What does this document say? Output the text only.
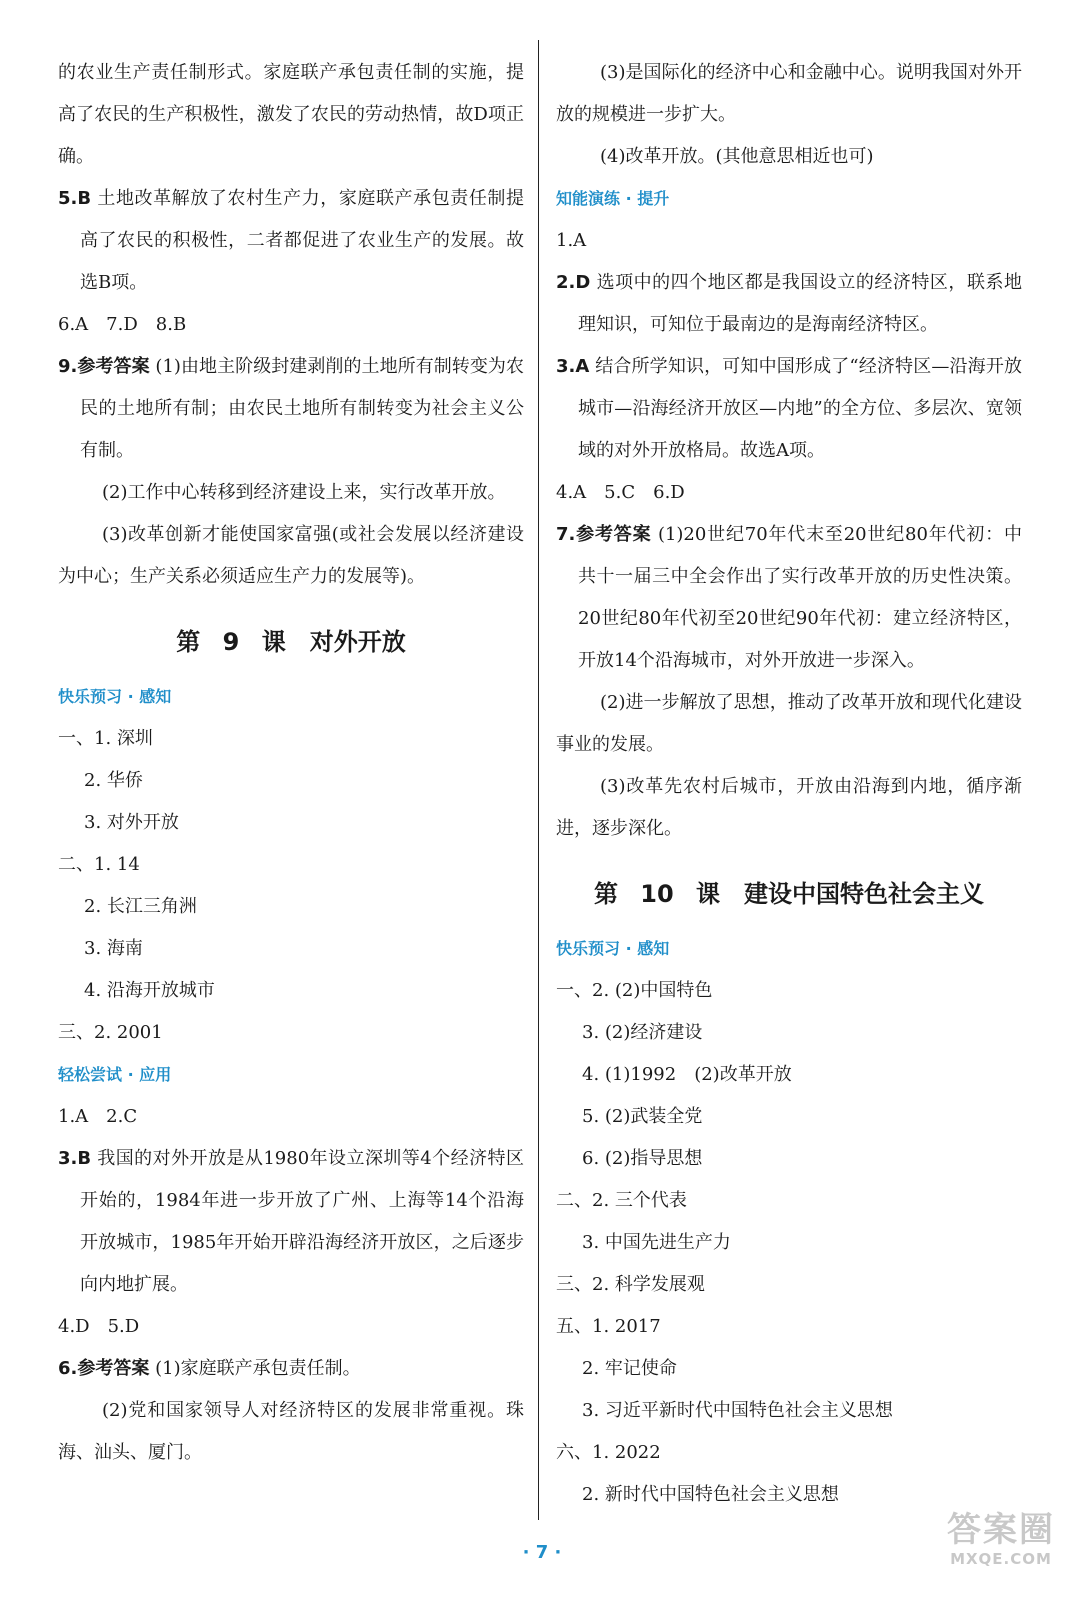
的农业生产责任制形式。家庭联产承包责任制的实施，提高了农民的生产积极性，激发了农民的劳动热情，故D项正确。

5.B 土地改革解放了农村生产力，家庭联产承包责任制提高了农民的积极性，二者都促进了农业生产的发展。故选B项。

6.A　7.D　8.B

9.参考答案 (1)由地主阶级封建剥削的土地所有制转变为农民的土地所有制；由农民土地所有制转变为社会主义公有制。

(2)工作中心转移到经济建设上来，实行改革开放。

(3)改革创新才能使国家富强(或社会发展以经济建设为中心；生产关系必须适应生产力的发展等)。

第 9 课　对外开放

快乐预习 · 感知

一、1. 深圳

2. 华侨

3. 对外开放

二、1. 14

2. 长江三角洲

3. 海南

4. 沿海开放城市

三、2. 2001

轻松尝试 · 应用

1.A　2.C

3.B 我国的对外开放是从1980年设立深圳等4个经济特区开始的，1984年进一步开放了广州、上海等14个沿海开放城市，1985年开始开辟沿海经济开放区，之后逐步向内地扩展。

4.D　5.D

6.参考答案 (1)家庭联产承包责任制。

(2)党和国家领导人对经济特区的发展非常重视。珠海、汕头、厦门。

(3)是国际化的经济中心和金融中心。说明我国对外开放的规模进一步扩大。

(4)改革开放。(其他意思相近也可)

知能演练 · 提升

1.A

2.D 选项中的四个地区都是我国设立的经济特区，联系地理知识，可知位于最南边的是海南经济特区。

3.A 结合所学知识，可知中国形成了“经济特区—沿海开放城市—沿海经济开放区—内地”的全方位、多层次、宽领域的对外开放格局。故选A项。

4.A　5.C　6.D

7.参考答案 (1)20世纪70年代末至20世纪80年代初：中共十一届三中全会作出了实行改革开放的历史性决策。20世纪80年代初至20世纪90年代初：建立经济特区，开放14个沿海城市，对外开放进一步深入。

(2)进一步解放了思想，推动了改革开放和现代化建设事业的发展。

(3)改革先农村后城市，开放由沿海到内地，循序渐进，逐步深化。

第 10 课　建设中国特色社会主义

快乐预习 · 感知

一、2. (2)中国特色

3. (2)经济建设

4. (1)1992　(2)改革开放

5. (2)武装全党

6. (2)指导思想

二、2. 三个代表

3. 中国先进生产力

三、2. 科学发展观

五、1. 2017

2. 牢记使命

3. 习近平新时代中国特色社会主义思想

六、1. 2022

2. 新时代中国特色社会主义思想

· 7 ·
答案圈
MXQE.COM
